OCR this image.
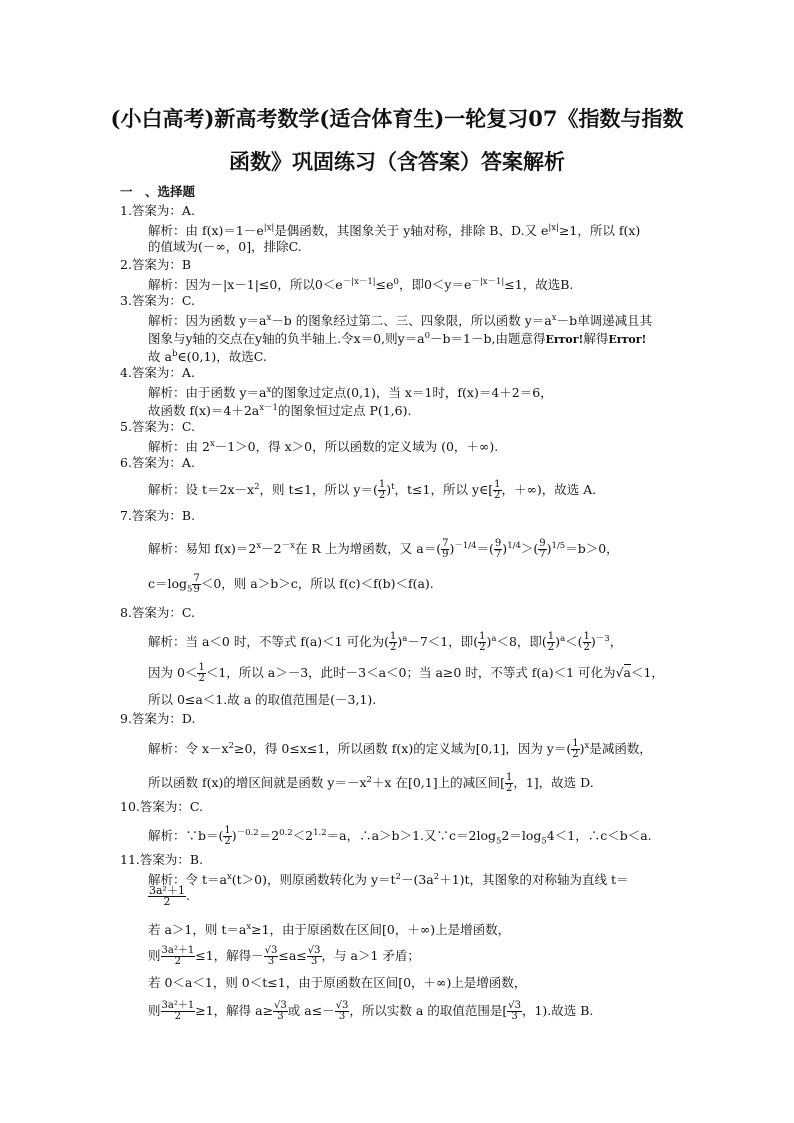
(小白高考)新高考数学(适合体育生)一轮复习07《指数与指数
函数》巩固练习（含答案）答案解析
一　、选择题
1.答案为：A.
解析：由 $f(x)=1-e^{|x|}$是偶函数，其图象关于 y轴对称，排除 B、D.又 $e^{|x|}\ge 1$，所以 f(x)
的值域为(－∞，0]，排除C.
2.答案为：B
解析：因为－|x－1|≤0，所以$0<e^{-|x-1|}\le e^0$，即$0<y=e^{-|x-1|}\le 1$，故选B.
3.答案为：C.
解析：因为函数 $y=a^x-b$ 的图象经过第二、三、四象限，所以函数 $y=a^x-b$单调递减且其
图象与y轴的交点在y轴的负半轴上.令x＝0,则$y=a^0-b=1-b$,由题意得Error!解得Error!
故 $a^b\in(0,1)$，故选C.
4.答案为：A.
解析：由于函数 $y=a^x$的图象过定点(0,1)，当 x＝1时，f(x)＝4＋2＝6，
故函数 $f(x)=4+2a^{x-1}$的图象恒过定点 P(1,6).
5.答案为：C.
解析：由 $2^x-1>0$，得 x＞0，所以函数的定义域为 (0，＋∞).
6.答案为：A.
解析：设 $t=2x-x^2$，则 t≤1，所以 $y=( \frac{1}{2} )^t$，t≤1，所以 y∈[ $\frac{1}{2}$ ，＋∞)，故选 A.
7.答案为：B.
解析：易知 $f(x)=2^x-2^{-x}$在 R 上为增函数，又 $a=( \frac{7}{9} )^{-1/4}=( \frac{9}{7} )^{1/4}>( \frac{9}{7} )^{1/5}=b>0$，
$c=\log_5 \frac{7}{9} <0$，则 a＞b＞c，所以 f(c)＜f(b)＜f(a).
8.答案为：C.
解析：当 a＜0 时，不等式 f(a)＜1 可化为( $\frac{1}{2} )^a-7<1$，即( $\frac{1}{2} )^a<8$，即( $\frac{1}{2} )^a<( \frac{1}{2} )^{-3}$，
因为 $0< \frac{1}{2} <1$，所以 a＞－3，此时－3＜a＜0；当 a≥0 时，不等式 f(a)＜1 可化为√a＜1，
所以 0≤a＜1.故 a 的取值范围是(－3,1).
9.答案为：D.
解析：令 $x-x^2\ge 0$，得 0≤x≤1，所以函数 f(x)的定义域为[0,1]，因为 $y=( \frac{1}{2} )^x$是减函数，
所以函数 f(x)的增区间就是函数 $y=-x^2+x$ 在[0,1]上的减区间[ $\frac{1}{2}$ ，1]，故选 D.
10.答案为：C.
解析：∵b＝( $\frac{1}{2} )^{-0.2}=2^{0.2}<2^{1.2}=a$，∴a＞b＞1.又$\because c=2\log_52=\log_54<1$，∴c＜b＜a.
11.答案为：B.
解析：令 $t=a^x(t>0)$，则原函数转化为 $y=t^2-(3a^2+1)t$，其图象的对称轴为直线 t＝
$\frac{\text{3a²＋1}}{2}$ .
若 a＞1，则 $t=a^x\ge 1$，由于原函数在区间[0，＋∞)上是增函数，
则 $\frac{\text{3a²＋1}}{2} \le 1$，解得－ $\frac{√3}{3} \le a\le \frac{√3}{3}$ ，与 a＞1 矛盾；
若 0＜a＜1，则 0＜t≤1，由于原函数在区间[0，＋∞)上是增函数，
则 $\frac{\text{3a²＋1}}{2} \ge 1$，解得 $a\ge \frac{√3}{3}$ 或 $a\le- \frac{√3}{3}$ ，所以实数 a 的取值范围是[ $\frac{√3}{3}$ ，1).故选 B.
